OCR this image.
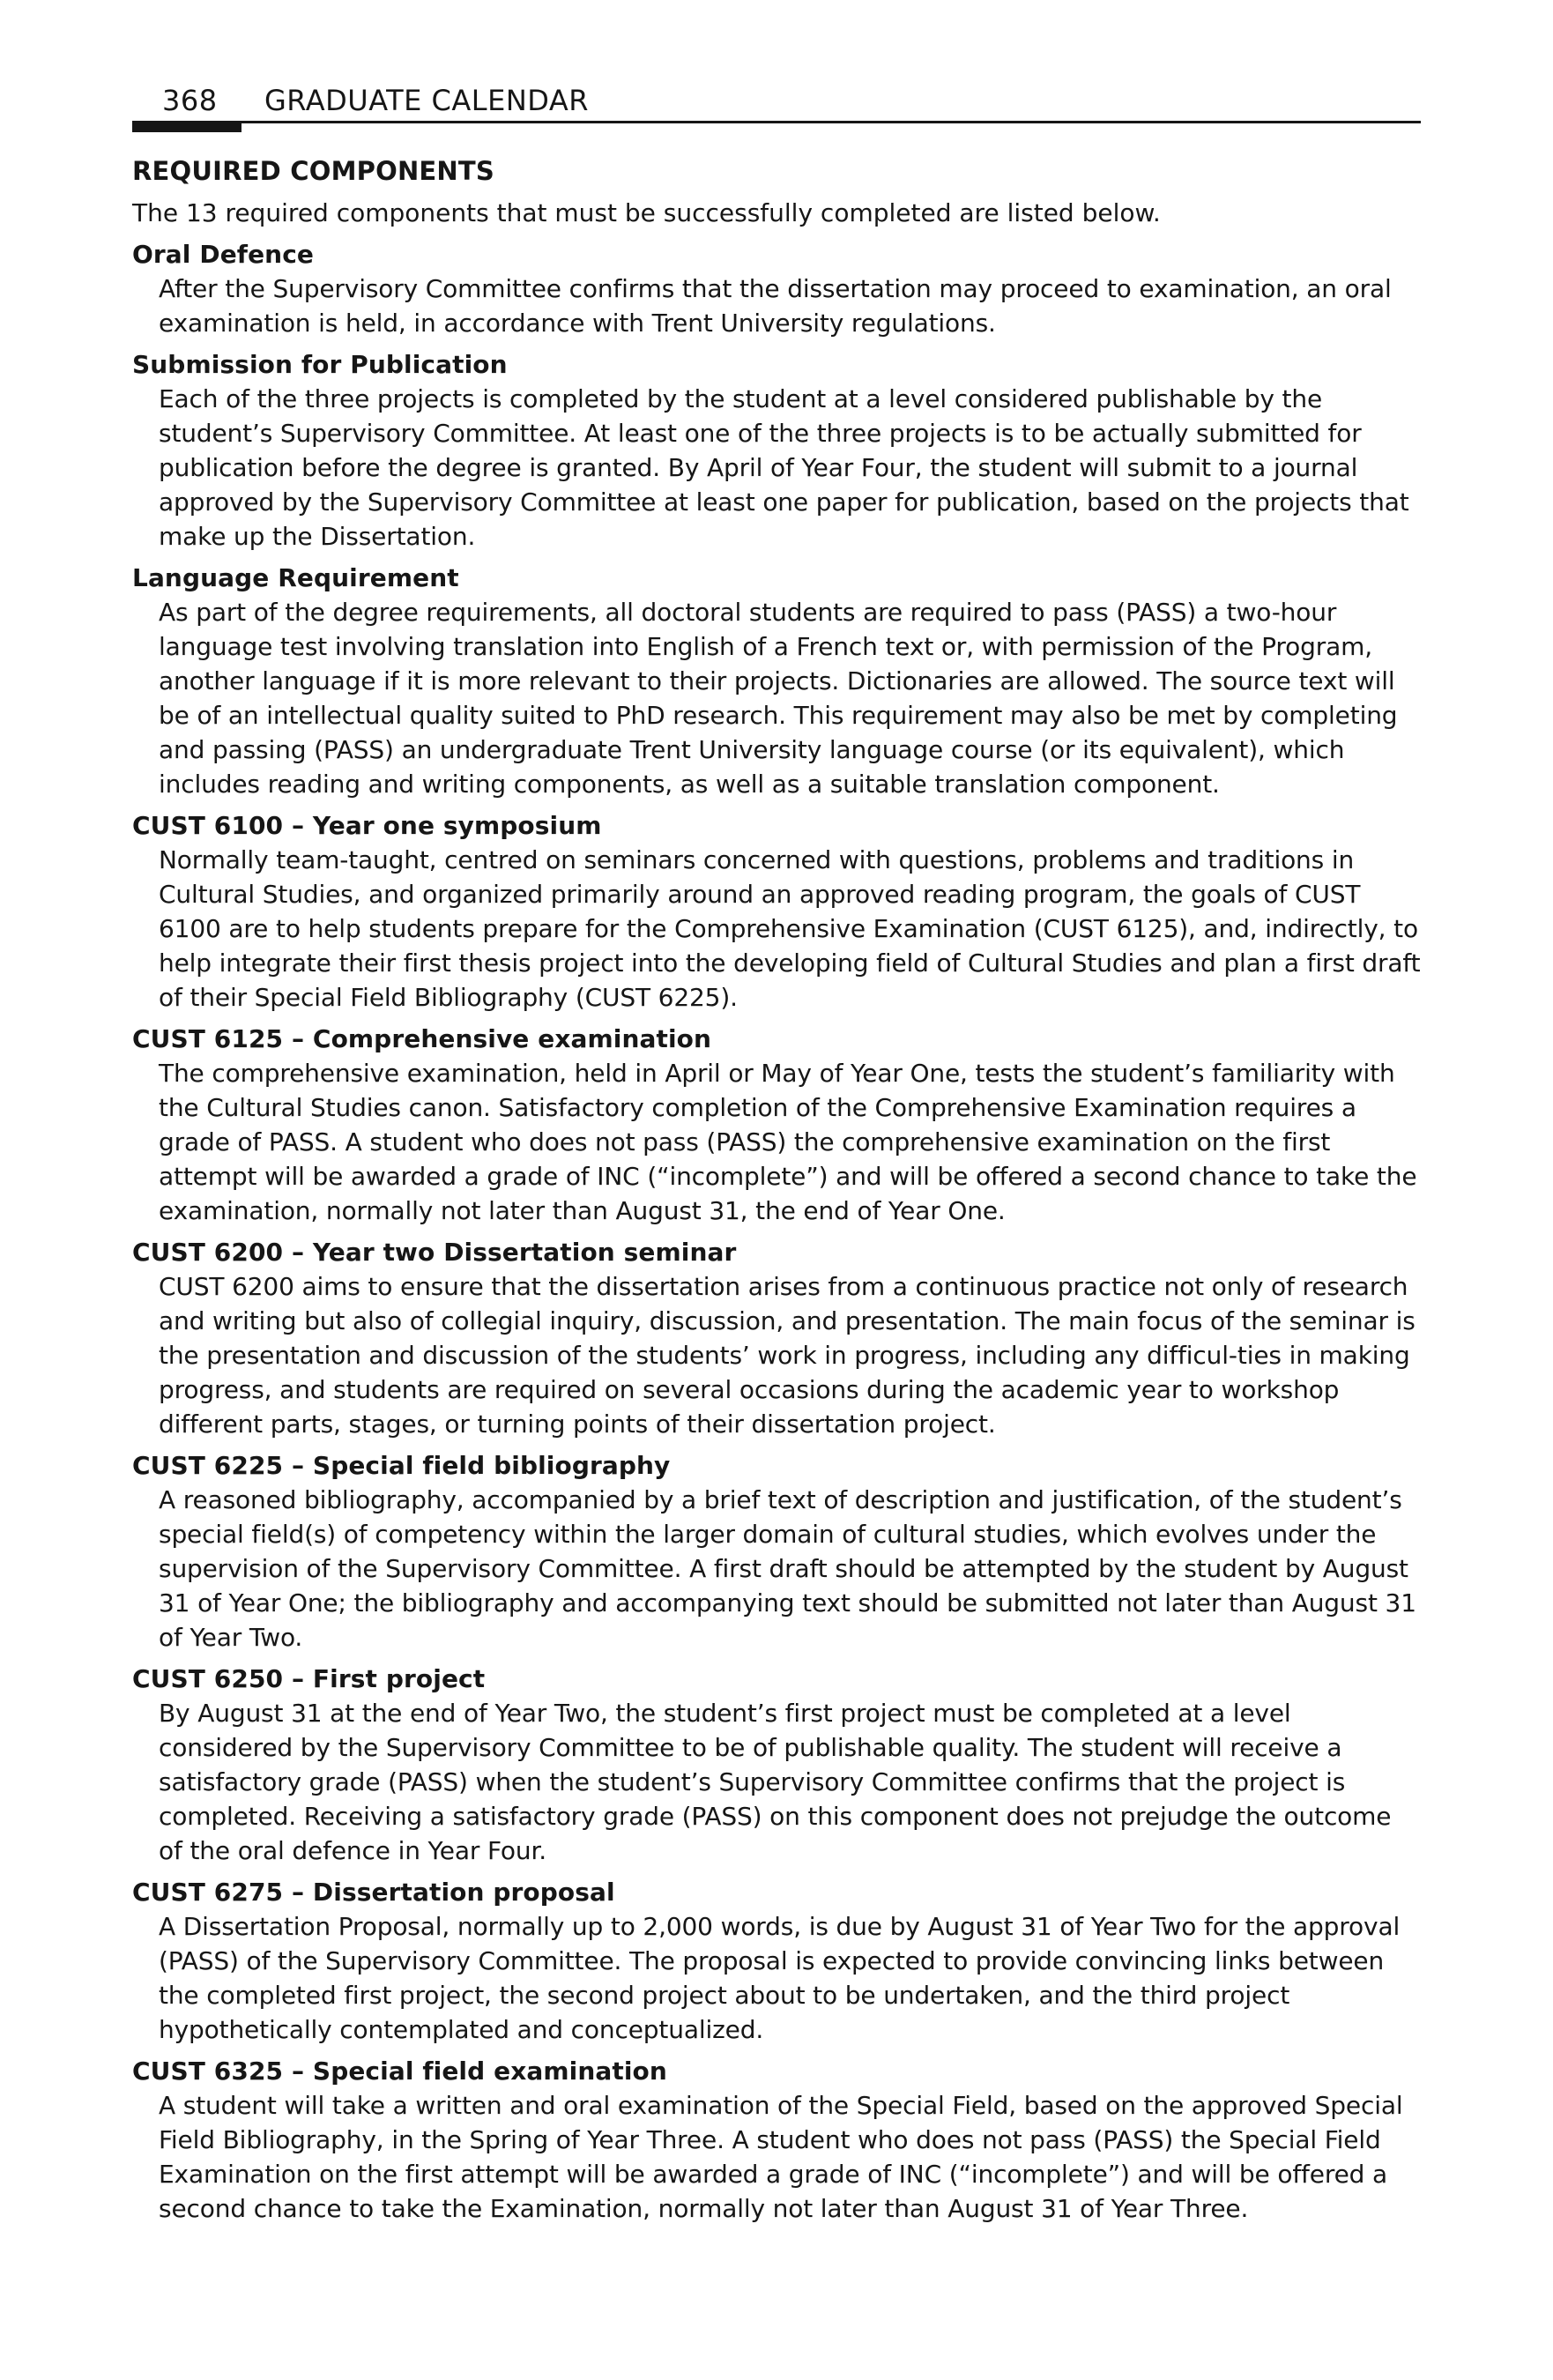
368 GRADUATE CALENDAR
REQUIRED COMPONENTS

The 13 required components that must be successfully completed are listed below.

Oral Defence
After the Supervisory Committee confirms that the dissertation may proceed to examination, an oral examination is held, in accordance with Trent University regulations.
Submission for Publication
Each of the three projects is completed by the student at a level considered publishable by the student’s Supervisory Committee. At least one of the three projects is to be actually submitted for publication before the degree is granted. By April of Year Four, the student will submit to a journal approved by the Supervisory Committee at least one paper for publication, based on the projects that make up the Dissertation.
Language Requirement
As part of the degree requirements, all doctoral students are required to pass (PASS) a two-hour language test involving translation into English of a French text or, with permission of the Program, another language if it is more relevant to their projects. Dictionaries are allowed. The source text will be of an intellectual quality suited to PhD research. This requirement may also be met by completing and passing (PASS) an undergraduate Trent University language course (or its equivalent), which includes reading and writing components, as well as a suitable translation component.
CUST 6100 – Year one symposium
Normally team-taught, centred on seminars concerned with questions, problems and traditions in Cultural Studies, and organized primarily around an approved reading program, the goals of CUST 6100 are to help students prepare for the Comprehensive Examination (CUST 6125), and, indirectly, to help integrate their first thesis project into the developing field of Cultural Studies and plan a first draft of their Special Field Bibliography (CUST 6225).
CUST 6125 – Comprehensive examination
The comprehensive examination, held in April or May of Year One, tests the student’s familiarity with the Cultural Studies canon. Satisfactory completion of the Comprehensive Examination requires a grade of PASS. A student who does not pass (PASS) the comprehensive examination on the first attempt will be awarded a grade of INC (“incomplete”) and will be offered a second chance to take the examination, normally not later than August 31, the end of Year One.
CUST 6200 – Year two Dissertation seminar
CUST 6200 aims to ensure that the dissertation arises from a continuous practice not only of research and writing but also of collegial inquiry, discussion, and presentation. The main focus of the seminar is the presentation and discussion of the students’ work in progress, including any difficul-ties in making progress, and students are required on several occasions during the academic year to workshop different parts, stages, or turning points of their dissertation project.
CUST 6225 – Special field bibliography
A reasoned bibliography, accompanied by a brief text of description and justification, of the student’s special field(s) of competency within the larger domain of cultural studies, which evolves under the supervision of the Supervisory Committee. A first draft should be attempted by the student by August 31 of Year One; the bibliography and accompanying text should be submitted not later than August 31 of Year Two.
CUST 6250 – First project
By August 31 at the end of Year Two, the student’s first project must be completed at a level considered by the Supervisory Committee to be of publishable quality. The student will receive a satisfactory grade (PASS) when the student’s Supervisory Committee confirms that the project is completed. Receiving a satisfactory grade (PASS) on this component does not prejudge the outcome of the oral defence in Year Four.
CUST 6275 – Dissertation proposal
A Dissertation Proposal, normally up to 2,000 words, is due by August 31 of Year Two for the approval (PASS) of the Supervisory Committee. The proposal is expected to provide convincing links between the completed first project, the second project about to be undertaken, and the third project hypothetically contemplated and conceptualized.
CUST 6325 – Special field examination
A student will take a written and oral examination of the Special Field, based on the approved Special Field Bibliography, in the Spring of Year Three. A student who does not pass (PASS) the Special Field Examination on the first attempt will be awarded a grade of INC (“incomplete”) and will be offered a second chance to take the Examination, normally not later than August 31 of Year Three.
